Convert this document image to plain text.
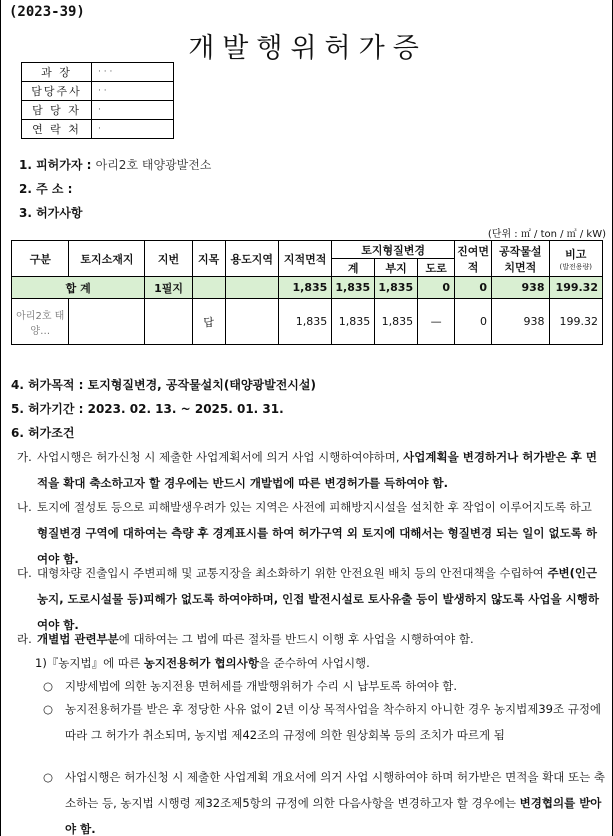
(2023-39)
개발행위허가증
과 장	· · ·
담당주사	· ·
담 당 자	·
연 락 처	·
1. 피허가자 : 아리2호 태양광발전소
2. 주 소 :
3. 허가사항
(단위 : ㎡ / ton / ㎥ / kW)
구분	토지소재지	지번	지목	용도지역	지적면적	토지형질변경			진여면적	공작물설치면적	비고
(발전용량)

						계	부지	도로			
합 계		1필지			1,835	1,835	1,835	0	0	938	199.32
아리2호 태양…			답		1,835	1,835	1,835	—	0	938	199.32
4. 허가목적 : 토지형질변경, 공작물설치(태양광발전시설)
5. 허가기간 : 2023. 02. 13. ~ 2025. 01. 31.
6. 허가조건
가. 사업시행은 허가신청 시 제출한 사업계획서에 의거 사업 시행하여야하며, 사업계획을 변경하거나 허가받은 후 면적을 확대 축소하고자 할 경우에는 반드시 개발법에 따른 변경허가를 득하여야 함.
나. 토지에 절성토 등으로 피해발생우려가 있는 지역은 사전에 피해방지시설을 설치한 후 작업이 이루어지도록 하고 형질변경 구역에 대하여는 측량 후 경계표시를 하여 허가구역 외 토지에 대해서는 형질변경 되는 일이 없도록 하여야 함.
다. 대형차량 진출입시 주변피해 및 교통지장을 최소화하기 위한 안전요원 배치 등의 안전대책을 수립하여 주변(인근농지, 도로시설물 등)피해가 없도록 하여야하며, 인접 발전시설로 토사유출 등이 발생하지 않도록 사업을 시행하여야 함.
라. 개별법 관련부분에 대하여는 그 법에 따른 절차를 반드시 이행 후 사업을 시행하여야 함.
1)『농지법』에 따른 농지전용허가 협의사항을 준수하여 사업시행.
○ 지방세법에 의한 농지전용 면허세를 개발행위허가 수리 시 납부토록 하여야 함.
○ 농지전용허가를 받은 후 정당한 사유 없이 2년 이상 목적사업을 착수하지 아니한 경우 농지법제39조 규정에 따라 그 허가가 취소되며, 농지법 제42조의 규정에 의한 원상회복 등의 조치가 따르게 됨
○ 사업시행은 허가신청 시 제출한 사업계획 개요서에 의거 사업 시행하여야 하며 허가받은 면적을 확대 또는 축소하는 등, 농지법 시행령 제32조제5항의 규정에 의한 다음사항을 변경하고자 할 경우에는 변경협의를 받아야 함.
